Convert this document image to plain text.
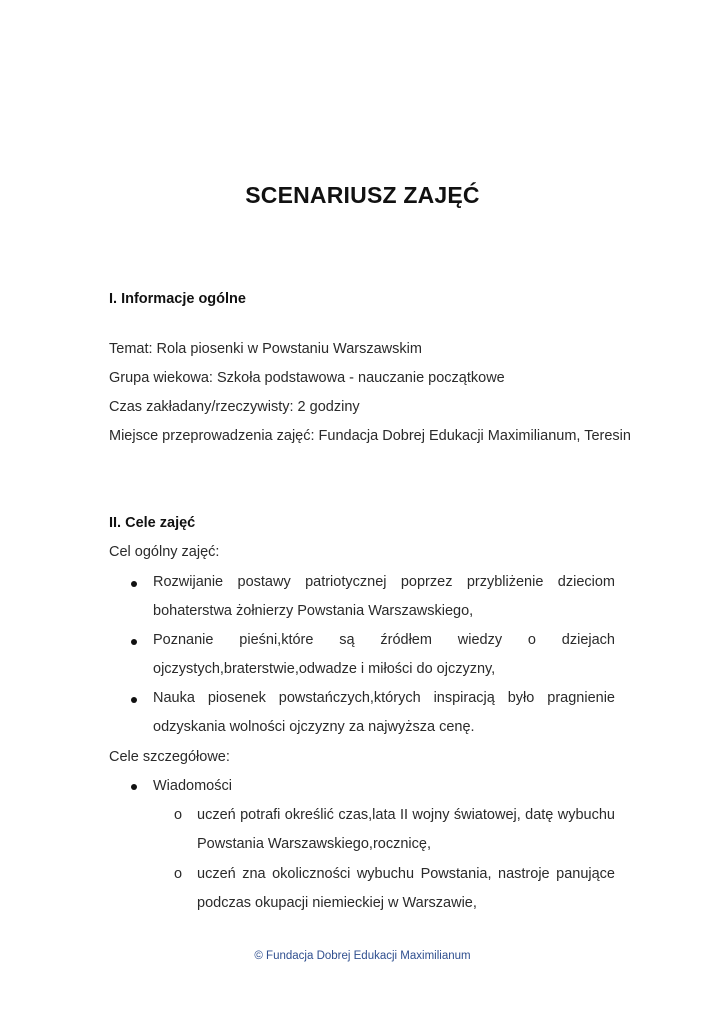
SCENARIUSZ ZAJĘĆ
I. Informacje ogólne
Temat: Rola piosenki w Powstaniu Warszawskim
Grupa wiekowa: Szkoła podstawowa - nauczanie początkowe
Czas zakładany/rzeczywisty: 2 godziny
Miejsce przeprowadzenia zajęć: Fundacja Dobrej Edukacji Maximilianum, Teresin
II. Cele zajęć
Cel ogólny zajęć:
Rozwijanie postawy patriotycznej poprzez przybliżenie dzieciom
bohaterstwa żołnierzy Powstania Warszawskiego,
Poznanie pieśni,które są źródłem wiedzy o dziejach
ojczystych,braterstwie,odwadze i miłości do ojczyzny,
Nauka piosenek powstańczych,których inspiracją było pragnienie
odzyskania wolności ojczyzny za najwyższa cenę.
Cele szczegółowe:
Wiadomości
o uczeń potrafi określić czas,lata II wojny światowej, datę wybuchu
Powstania Warszawskiego,rocznicę,
o uczeń zna okoliczności wybuchu Powstania, nastroje panujące
podczas okupacji niemieckiej w Warszawie,
© Fundacja Dobrej Edukacji Maximilianum
